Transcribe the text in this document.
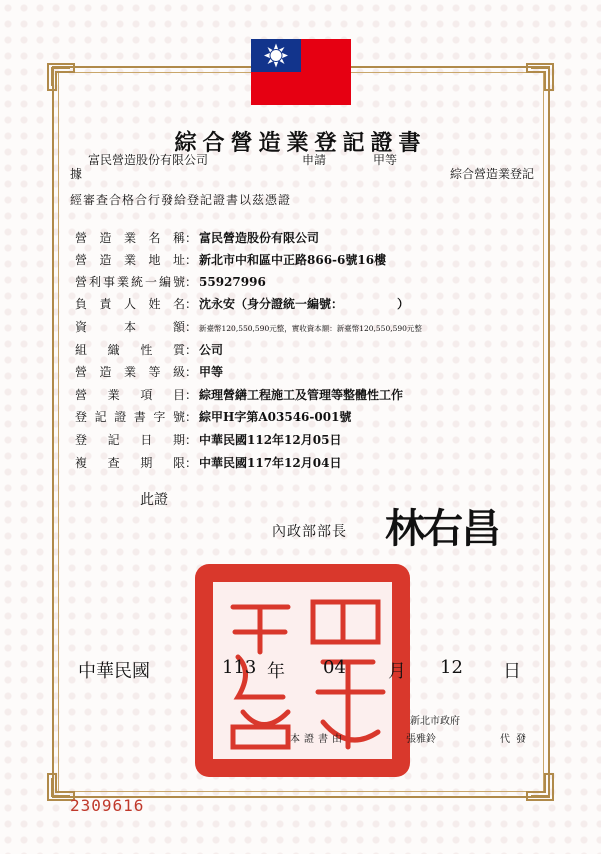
綜合營造業登記證書
據
富民營造股份有限公司	申請	甲等
綜合營造業登記
經審查合格合行發給登記證書以茲憑證
營造業名稱： 富民營造股份有限公司
營造業地址： 新北市中和區中正路866-6號16樓
營利事業統一編號： 55927996
負責人姓名： 沈永安（身分證統一編號：　　　　　）
資本額： 新臺幣120,550,590元整，實收資本額：新臺幣120,550,590元整
組織性質： 公司
營造業等級： 甲等
營業項目： 綜理營繕工程施工及管理等整體性工作
登記證書字號： 綜甲H字第A03546-001號
登記日期： 中華民國112年12月05日
複查期限： 中華民國117年12月04日
此證
內政部部長 林右昌
中華民國	113 年 04 月 12 日
新北市政府
本證書由	張雅鈴	代發
2309616
